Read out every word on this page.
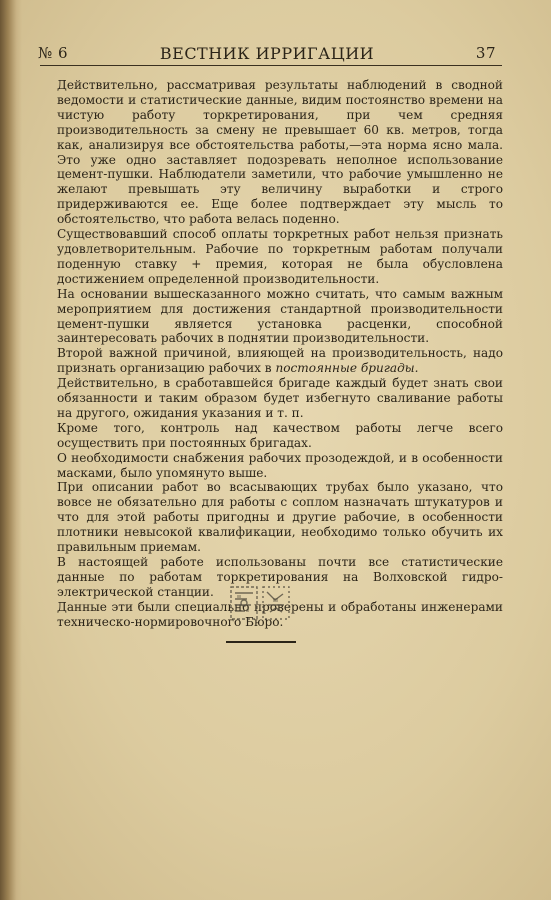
№ 6	ВЕСТНИК ИРРИГАЦИИ	37

Действительно, рассматривая результаты наблюдений в сводной ведомости и статистические данные, видим постоянство времени на чистую работу торкретирования, при чем средняя производительность за смену не превышает 60 кв. метров, тогда как, анализируя все обстоятельства работы,—эта норма ясно мала. Это уже одно заставляет подозревать неполное использование цемент-пушки. Наблюдатели заметили, что рабочие умышленно не желают превышать эту величину выработки и строго придерживаются ее. Еще более подтверждает эту мысль то обстоятельство, что работа велась поденно.

Существовавший способ оплаты торкретных работ нельзя признать удовлетворительным. Рабочие по торкретным работам получали поденную ставку + премия, которая не была обусловлена достижением определенной производительности.

На основании вышесказанного можно считать, что самым важным мероприятием для достижения стандартной производительности цемент-пушки является установка расценки, способной заинтересовать рабочих в поднятии производительности.

Второй важной причиной, влияющей на производительность, надо признать организацию рабочих в постоянные бригады.

Действительно, в сработавшейся бригаде каждый будет знать свои обязанности и таким образом будет избегнуто сваливание работы на другого, ожидания указания и т. п.

Кроме того, контроль над качеством работы легче всего осуществить при постоянных бригадах.

О необходимости снабжения рабочих прозодеждой, и в особенности масками, было упомянуто выше.

При описании работ во всасывающих трубах было указано, что вовсе не обязательно для работы с соплом назначать штукатуров и что для этой работы пригодны и другие рабочие, в особенности плотники невысокой квалификации, необходимо только обучить их правильным приемам.

В настоящей работе использованы почти все статистические данные по работам торкретирования на Волховской гидро-электрической станции.

Данные эти были специально проверены и обработаны инженерами техническо-нормировочного Бюро.
